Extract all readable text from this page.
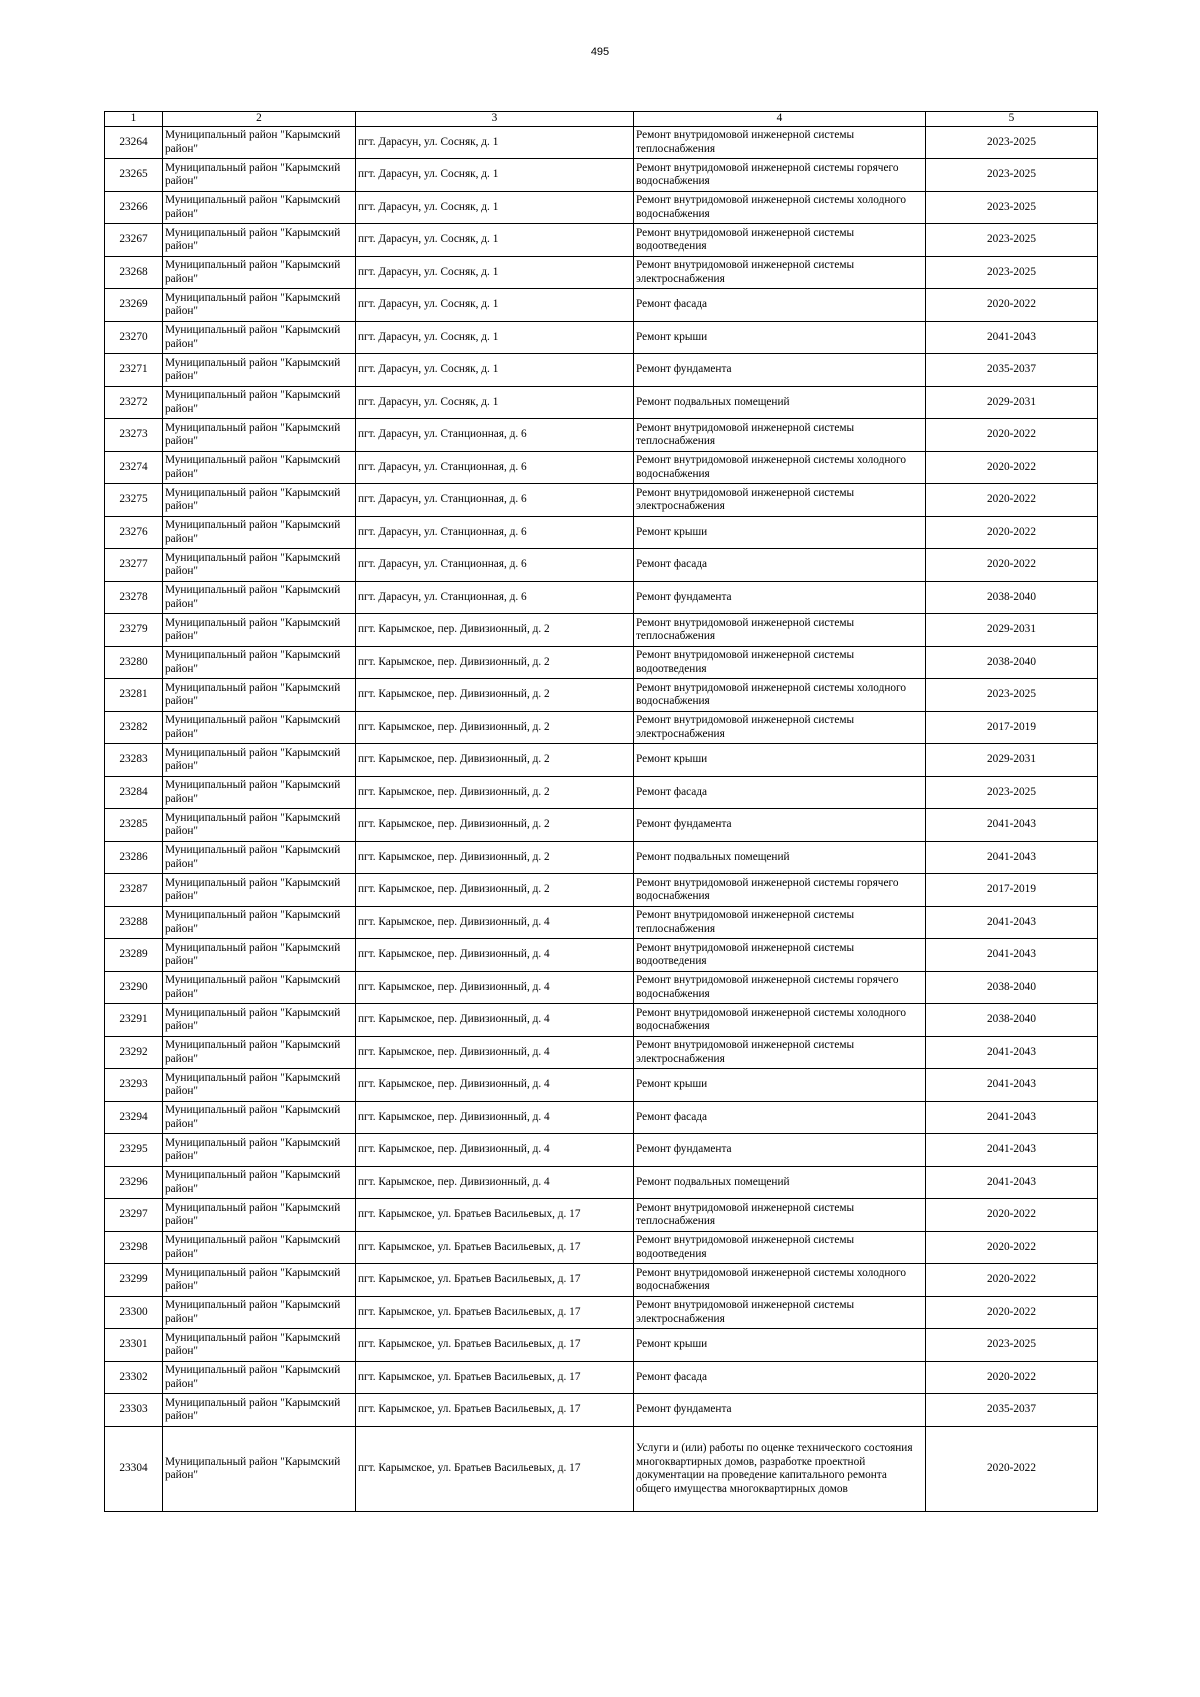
495
1	2	3	4	5
23264	Муниципальный район "Карымский район"	пгт. Дарасун, ул. Сосняк, д. 1	Ремонт внутридомовой инженерной системы теплоснабжения	2023-2025
23265	Муниципальный район "Карымский район"	пгт. Дарасун, ул. Сосняк, д. 1	Ремонт внутридомовой инженерной системы горячего водоснабжения	2023-2025
23266	Муниципальный район "Карымский район"	пгт. Дарасун, ул. Сосняк, д. 1	Ремонт внутридомовой инженерной системы холодного водоснабжения	2023-2025
23267	Муниципальный район "Карымский район"	пгт. Дарасун, ул. Сосняк, д. 1	Ремонт внутридомовой инженерной системы водоотведения	2023-2025
23268	Муниципальный район "Карымский район"	пгт. Дарасун, ул. Сосняк, д. 1	Ремонт внутридомовой инженерной системы электроснабжения	2023-2025
23269	Муниципальный район "Карымский район"	пгт. Дарасун, ул. Сосняк, д. 1	Ремонт фасада	2020-2022
23270	Муниципальный район "Карымский район"	пгт. Дарасун, ул. Сосняк, д. 1	Ремонт крыши	2041-2043
23271	Муниципальный район "Карымский район"	пгт. Дарасун, ул. Сосняк, д. 1	Ремонт фундамента	2035-2037
23272	Муниципальный район "Карымский район"	пгт. Дарасун, ул. Сосняк, д. 1	Ремонт подвальных помещений	2029-2031
23273	Муниципальный район "Карымский район"	пгт. Дарасун, ул. Станционная, д. 6	Ремонт внутридомовой инженерной системы теплоснабжения	2020-2022
23274	Муниципальный район "Карымский район"	пгт. Дарасун, ул. Станционная, д. 6	Ремонт внутридомовой инженерной системы холодного водоснабжения	2020-2022
23275	Муниципальный район "Карымский район"	пгт. Дарасун, ул. Станционная, д. 6	Ремонт внутридомовой инженерной системы электроснабжения	2020-2022
23276	Муниципальный район "Карымский район"	пгт. Дарасун, ул. Станционная, д. 6	Ремонт крыши	2020-2022
23277	Муниципальный район "Карымский район"	пгт. Дарасун, ул. Станционная, д. 6	Ремонт фасада	2020-2022
23278	Муниципальный район "Карымский район"	пгт. Дарасун, ул. Станционная, д. 6	Ремонт фундамента	2038-2040
23279	Муниципальный район "Карымский район"	пгт. Карымское, пер. Дивизионный, д. 2	Ремонт внутридомовой инженерной системы теплоснабжения	2029-2031
23280	Муниципальный район "Карымский район"	пгт. Карымское, пер. Дивизионный, д. 2	Ремонт внутридомовой инженерной системы водоотведения	2038-2040
23281	Муниципальный район "Карымский район"	пгт. Карымское, пер. Дивизионный, д. 2	Ремонт внутридомовой инженерной системы холодного водоснабжения	2023-2025
23282	Муниципальный район "Карымский район"	пгт. Карымское, пер. Дивизионный, д. 2	Ремонт внутридомовой инженерной системы электроснабжения	2017-2019
23283	Муниципальный район "Карымский район"	пгт. Карымское, пер. Дивизионный, д. 2	Ремонт крыши	2029-2031
23284	Муниципальный район "Карымский район"	пгт. Карымское, пер. Дивизионный, д. 2	Ремонт фасада	2023-2025
23285	Муниципальный район "Карымский район"	пгт. Карымское, пер. Дивизионный, д. 2	Ремонт фундамента	2041-2043
23286	Муниципальный район "Карымский район"	пгт. Карымское, пер. Дивизионный, д. 2	Ремонт подвальных помещений	2041-2043
23287	Муниципальный район "Карымский район"	пгт. Карымское, пер. Дивизионный, д. 2	Ремонт внутридомовой инженерной системы горячего водоснабжения	2017-2019
23288	Муниципальный район "Карымский район"	пгт. Карымское, пер. Дивизионный, д. 4	Ремонт внутридомовой инженерной системы теплоснабжения	2041-2043
23289	Муниципальный район "Карымский район"	пгт. Карымское, пер. Дивизионный, д. 4	Ремонт внутридомовой инженерной системы водоотведения	2041-2043
23290	Муниципальный район "Карымский район"	пгт. Карымское, пер. Дивизионный, д. 4	Ремонт внутридомовой инженерной системы горячего водоснабжения	2038-2040
23291	Муниципальный район "Карымский район"	пгт. Карымское, пер. Дивизионный, д. 4	Ремонт внутридомовой инженерной системы холодного водоснабжения	2038-2040
23292	Муниципальный район "Карымский район"	пгт. Карымское, пер. Дивизионный, д. 4	Ремонт внутридомовой инженерной системы электроснабжения	2041-2043
23293	Муниципальный район "Карымский район"	пгт. Карымское, пер. Дивизионный, д. 4	Ремонт крыши	2041-2043
23294	Муниципальный район "Карымский район"	пгт. Карымское, пер. Дивизионный, д. 4	Ремонт фасада	2041-2043
23295	Муниципальный район "Карымский район"	пгт. Карымское, пер. Дивизионный, д. 4	Ремонт фундамента	2041-2043
23296	Муниципальный район "Карымский район"	пгт. Карымское, пер. Дивизионный, д. 4	Ремонт подвальных помещений	2041-2043
23297	Муниципальный район "Карымский район"	пгт. Карымское, ул. Братьев Васильевых, д. 17	Ремонт внутридомовой инженерной системы теплоснабжения	2020-2022
23298	Муниципальный район "Карымский район"	пгт. Карымское, ул. Братьев Васильевых, д. 17	Ремонт внутридомовой инженерной системы водоотведения	2020-2022
23299	Муниципальный район "Карымский район"	пгт. Карымское, ул. Братьев Васильевых, д. 17	Ремонт внутридомовой инженерной системы холодного водоснабжения	2020-2022
23300	Муниципальный район "Карымский район"	пгт. Карымское, ул. Братьев Васильевых, д. 17	Ремонт внутридомовой инженерной системы электроснабжения	2020-2022
23301	Муниципальный район "Карымский район"	пгт. Карымское, ул. Братьев Васильевых, д. 17	Ремонт крыши	2023-2025
23302	Муниципальный район "Карымский район"	пгт. Карымское, ул. Братьев Васильевых, д. 17	Ремонт фасада	2020-2022
23303	Муниципальный район "Карымский район"	пгт. Карымское, ул. Братьев Васильевых, д. 17	Ремонт фундамента	2035-2037
23304	Муниципальный район "Карымский район"	пгт. Карымское, ул. Братьев Васильевых, д. 17	Услуги и (или) работы по оценке технического состояния многоквартирных домов, разработке проектной документации на проведение капитального ремонта общего имущества многоквартирных домов	2020-2022
